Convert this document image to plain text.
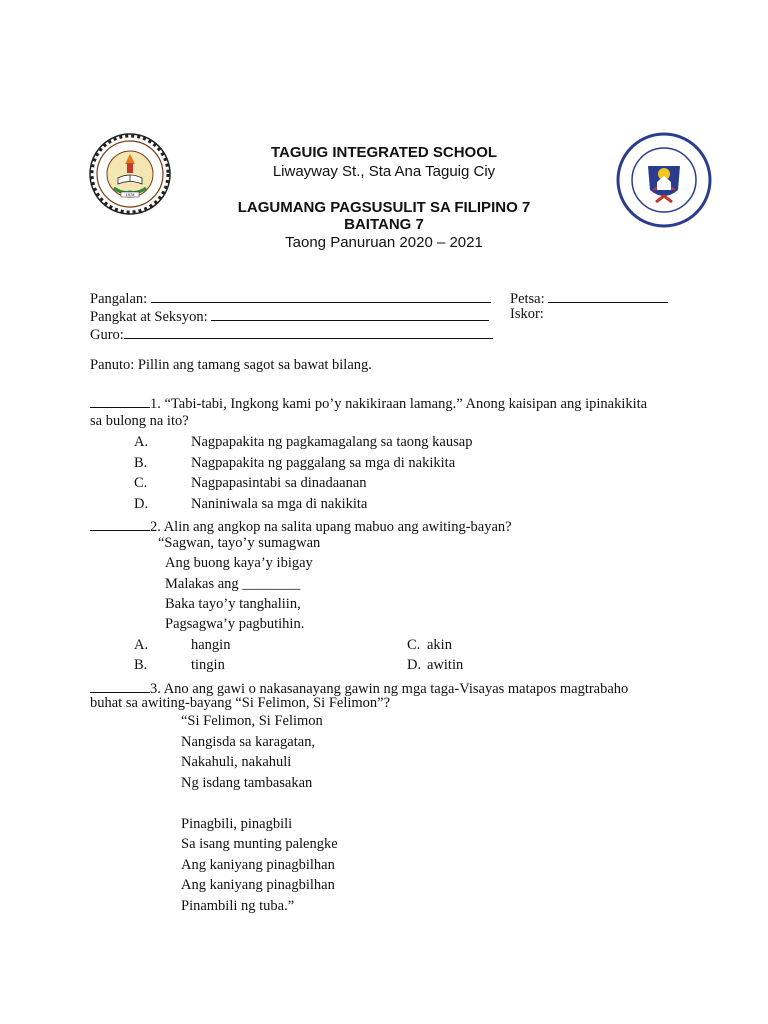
1978
TAGUIG INTEGRATED SCHOOL
Liwayway St., Sta Ana Taguig Ciy
LAGUMANG PAGSUSULIT SA FILIPINO 7
BAITANG 7
Taong Panuruan 2020 – 2021
Pangalan:	Petsa:
Pangkat at Seksyon:	Iskor:
Guro:
Panuto: Pillin ang tamang sagot sa bawat bilang.
1. “Tabi-tabi, Ingkong kami po’y nakikiraan lamang.” Anong kaisipan ang ipinakikita
sa bulong na ito?
A.	Nagpapakita ng pagkamagalang sa taong kausap
B.	Nagpapakita ng paggalang sa mga di nakikita
C.	Nagpapasintabi sa dinadaanan
D.	Naniniwala sa mga di nakikita
2. Alin ang angkop na salita upang mabuo ang awiting-bayan?
“Sagwan, tayo’y sumagwan
Ang buong kaya’y ibigay
Malakas ang ________
Baka tayo’y tanghaliin,
Pagsagwa’y pagbutihin.
A.	hangin	C. akin
B.	tingin	D. awitin
3. Ano ang gawi o nakasanayang gawin ng mga taga-Visayas matapos magtrabaho
buhat sa awiting-bayang “Si Felimon, Si Felimon”?
“Si Felimon, Si Felimon
Nangisda sa karagatan,
Nakahuli, nakahuli
Ng isdang tambasakan
Pinagbili, pinagbili
Sa isang munting palengke
Ang kaniyang pinagbilhan
Ang kaniyang pinagbilhan
Pinambili ng tuba.”
